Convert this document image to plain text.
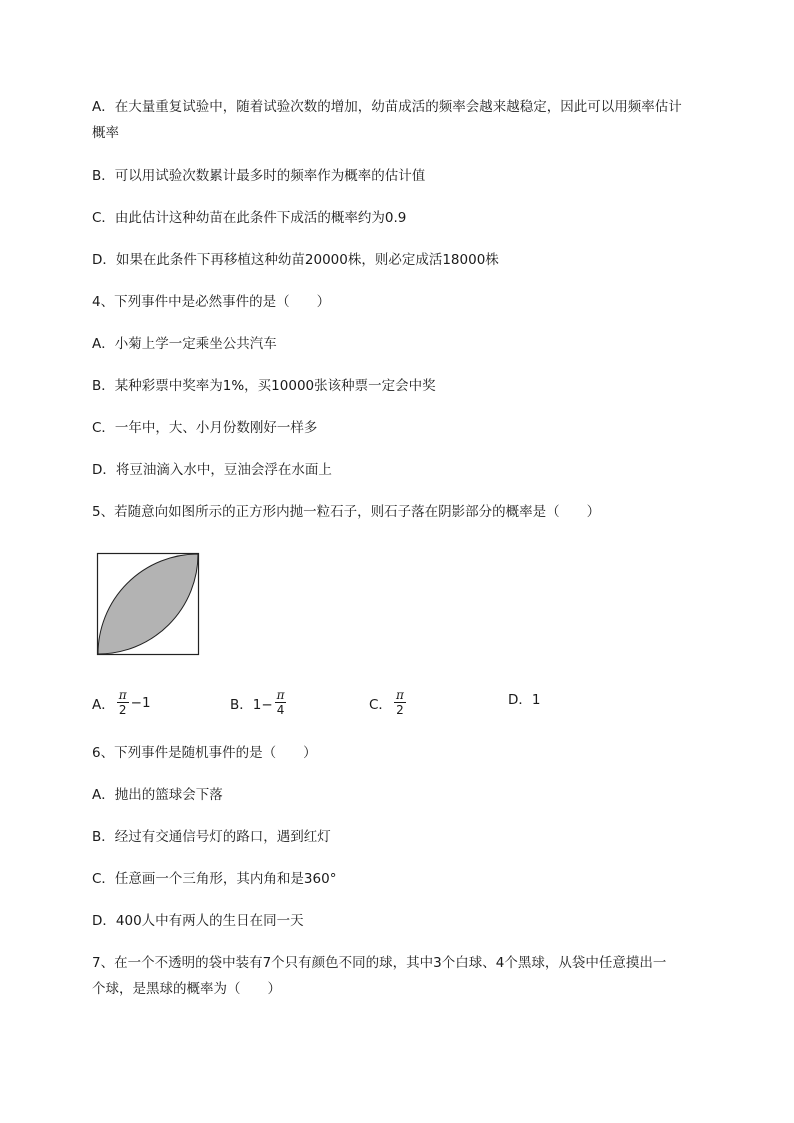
A．在大量重复试验中，随着试验次数的增加，幼苗成活的频率会越来越稳定，因此可以用频率估计
概率
B．可以用试验次数累计最多时的频率作为概率的估计值
C．由此估计这种幼苗在此条件下成活的概率约为0.9
D．如果在此条件下再移植这种幼苗20000株，则必定成活18000株
4、下列事件中是必然事件的是（　　）
A．小菊上学一定乘坐公共汽车
B．某种彩票中奖率为1%，买10000张该种票一定会中奖
C．一年中，大、小月份数刚好一样多
D．将豆油滴入水中，豆油会浮在水面上
5、若随意向如图所示的正方形内抛一粒石子，则石子落在阴影部分的概率是（　　）
A． $\frac{\pi}{2} -1$	B．$1- \frac{\pi}{4}$	C． $\frac{\pi}{2}$	D．1
6、下列事件是随机事件的是（　　）
A．抛出的篮球会下落
B．经过有交通信号灯的路口，遇到红灯
C．任意画一个三角形，其内角和是360°
D．400人中有两人的生日在同一天
7、在一个不透明的袋中装有7个只有颜色不同的球，其中3个白球、4个黑球，从袋中任意摸出一
个球，是黑球的概率为（　　）
